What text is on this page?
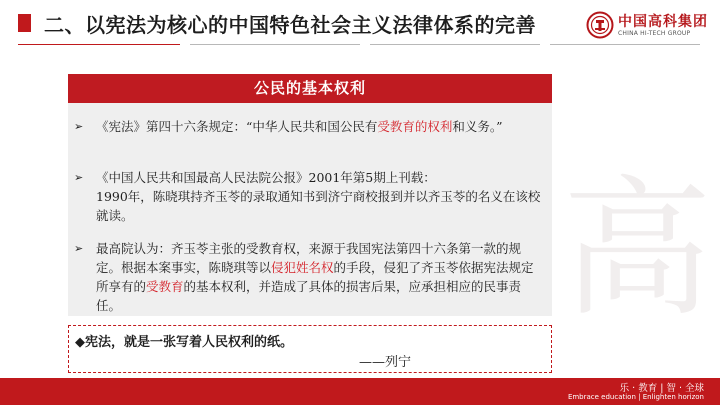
二、以宪法为核心的中国特色社会主义法律体系的完善	中国高科集团
CHINA HI-TECH GROUP
高
公民的基本权利
➢ 《宪法》第四十六条规定：“中华人民共和国公民有受教育的权利和义务。”
➢ 《中国人民共和国最高人民法院公报》2001年第5期上刊载：
1990年，陈晓琪持齐玉苓的录取通知书到济宁商校报到并以齐玉苓的名义在该校就读。
➢ 最高院认为：齐玉苓主张的受教育权，来源于我国宪法第四十六条第一款的规定。根据本案事实，陈晓琪等以侵犯姓名权的手段，侵犯了齐玉苓依据宪法规定所享有的受教育的基本权利，并造成了具体的损害后果，应承担相应的民事责任。
◆宪法，就是一张写着人民权利的纸。
——列宁
乐 · 教育 | 智 · 全球
Embrace education | Enlighten horizon
